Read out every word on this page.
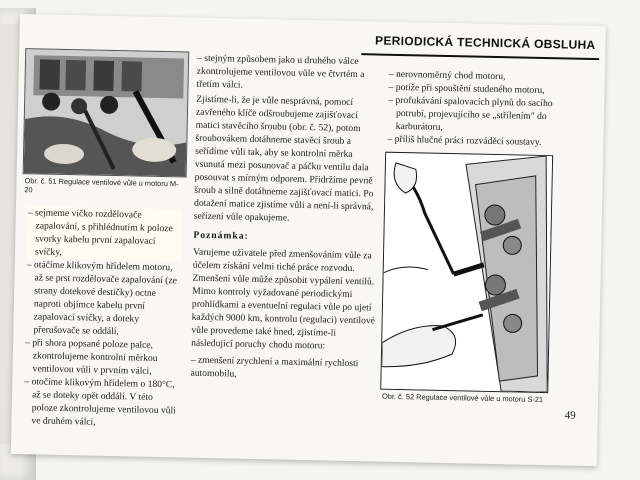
PERIODICKÁ TECHNICKÁ OBSLUHA
Obr. č. 51 Regulace ventilové vůle u motoru M-20
– sejmeme víčko rozdělovače zapalování, s přihlédnutím k poloze svorky kabelu první zapalovací svíčky,
– otáčíme klikovým hřídelem motoru, až se prst rozdělovače zapalování (ze strany dotekové destičky) octne naproti objímce kabelu první zapalovací svíčky, a doteky přerušovače se oddálí,
– při shora popsané poloze palce, zkontrolujeme kontrolní měrkou ventilovou vůli v prvním válci,
– otočíme klikovým hřídelem o 180°C, až se doteky opět oddálí. V této poloze zkontrolujeme ventilovou vůli ve druhém válci,

– stejným způsobem jako u druhého válce zkontrolujeme ventilovou vůle ve čtvrtém a třetím válci.

Zjistíme-li, že je vůle nesprávná, pomocí zavřeného klíče odšroubujeme zajišťovací matici stavěcího šroubu (obr. č. 52), potom šroubovákem dotáhneme stavěcí šroub a seřídíme vůli tak, aby se kontrolní měrka vsunutá mezi posunovač a páčku ventilu dala posouvat s mírným odporem. Přidržíme pevně šroub a silně dotáhneme zajišťovací matici. Po dotažení matice zjistíme vůli a není-li správná, seřízení vůle opakujeme.

Poznámka:

Varujeme uživatele před zmenšováním vůle za účelem získání velmi tiché práce rozvodu. Zmenšení vůle může způsobit vypálení ventilů.

Mimo kontroly vyžadované periodickými prohlídkami a eventuelní regulaci vůle po ujetí každých 9000 km, kontrolu (regulaci) ventilové vůle provedeme také hned, zjistíme-li následující poruchy chodu motoru:

– zmenšení zrychlení a maximální rychlosti automobilu,

– nerovnoměrný chod motoru,
– potíže při spouštění studeného motoru,
– profukávání spalovacích plynů do sacího potrubí, projevujícího se „střílením" do karburátoru,
– příliš hlučné práci rozváděcí soustavy.
Obr. č. 52 Regulace ventilové vůle u motoru S-21
49
